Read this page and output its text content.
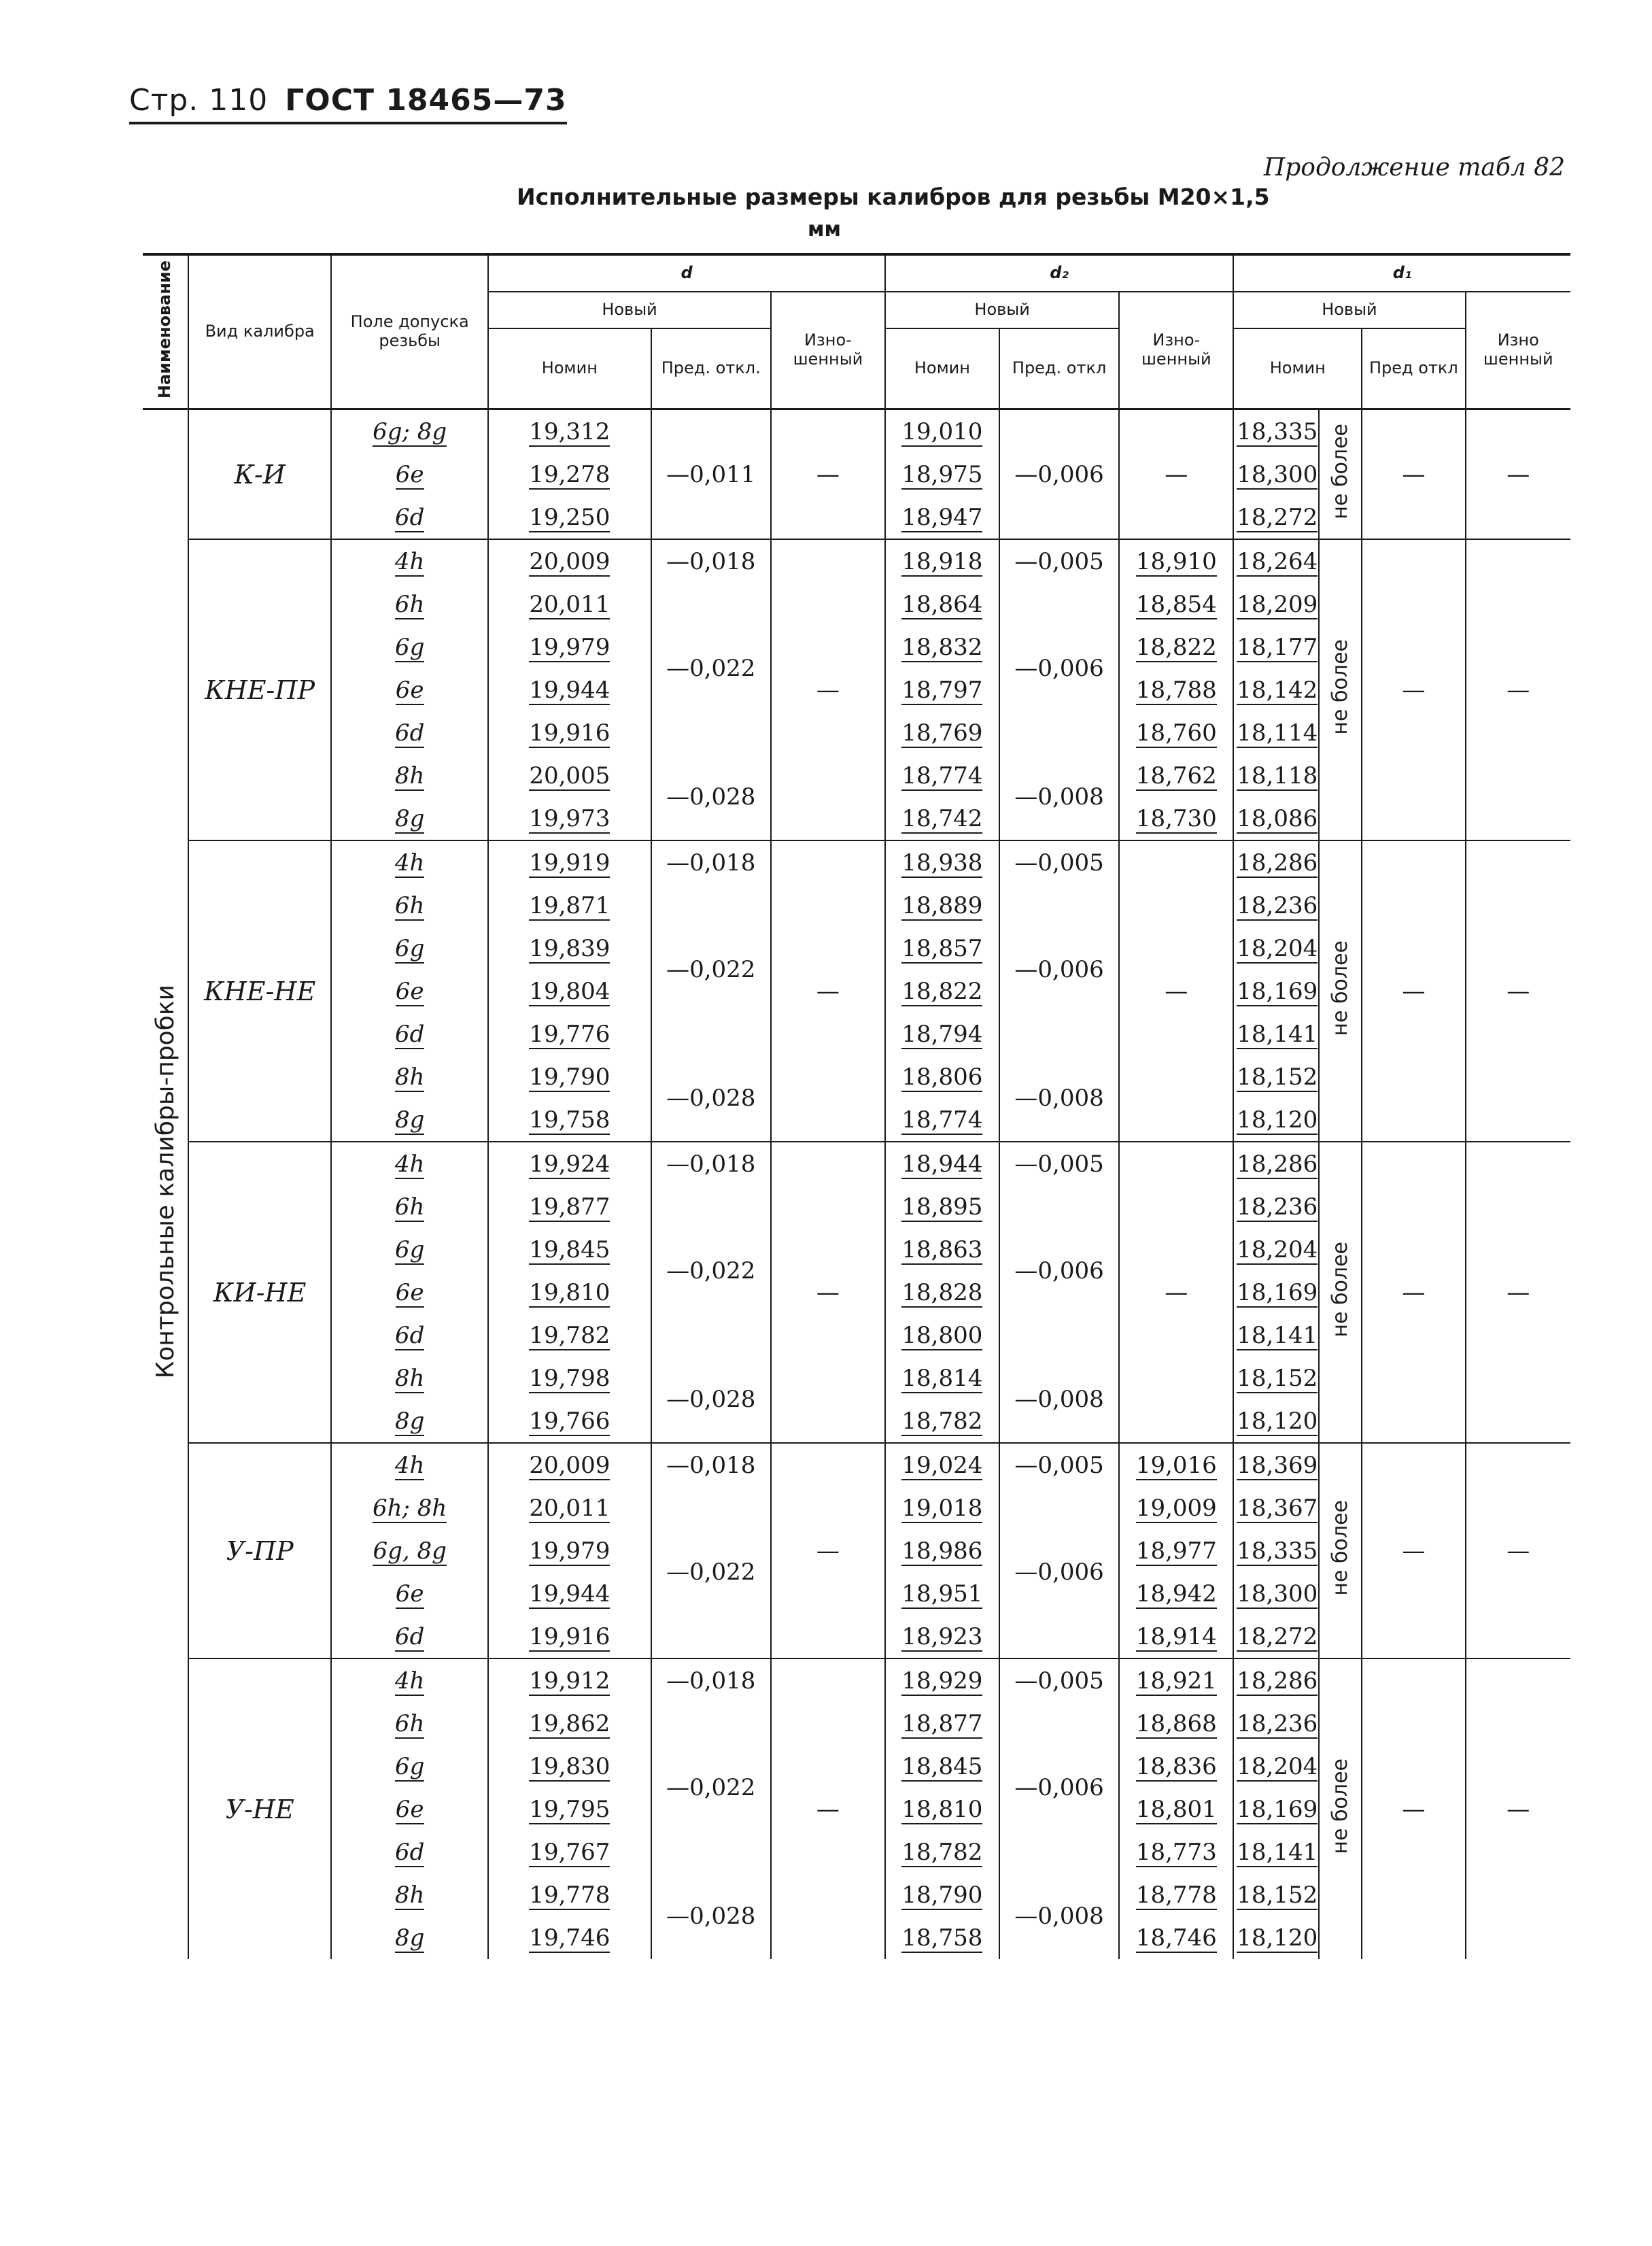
Стр. 110 ГОСТ 18465—73
Продолжение табл 82
Исполнительные размеры калибров для резьбы M20×1,5
мм
Наименование	Вид калибра	Поле допуска резьбы	d			d₂			d₁			
			Новый		Изно-шенный	Новый		Изно-шенный	Новый			Изно шенный
			Номин	Пред. откл.		Номин	Пред. откл		Номин		Пред откл	
Контрольные калибры-пробки	К-И	6g; 8g	19,312	—0,011	—	19,010	—0,006	—	18,335	не более	—	—
		6e	19,278			18,975			18,300			
		6d	19,250			18,947			18,272			
	КНЕ-ПР	4h	20,009	—0,018	—	18,918	—0,005	18,910	18,264	не более	—	—
		6h	20,011	—0,022		18,864	—0,006	18,854	18,209			
		6g	19,979			18,832		18,822	18,177			
		6e	19,944			18,797		18,788	18,142			
		6d	19,916			18,769		18,760	18,114			
		8h	20,005	—0,028		18,774	—0,008	18,762	18,118			
		8g	19,973			18,742		18,730	18,086			
	КНЕ-НЕ	4h	19,919	—0,018	—	18,938	—0,005	—	18,286	не более	—	—
		6h	19,871	—0,022		18,889	—0,006		18,236			
		6g	19,839			18,857			18,204			
		6e	19,804			18,822			18,169			
		6d	19,776			18,794			18,141			
		8h	19,790	—0,028		18,806	—0,008		18,152			
		8g	19,758			18,774			18,120			
	КИ-НЕ	4h	19,924	—0,018	—	18,944	—0,005	—	18,286	не более	—	—
		6h	19,877	—0,022		18,895	—0,006		18,236			
		6g	19,845			18,863			18,204			
		6e	19,810			18,828			18,169			
		6d	19,782			18,800			18,141			
		8h	19,798	—0,028		18,814	—0,008		18,152			
		8g	19,766			18,782			18,120			
	У-ПР	4h	20,009	—0,018	—	19,024	—0,005	19,016	18,369	не более	—	—
		6h; 8h	20,011	—0,022		19,018	—0,006	19,009	18,367			
		6g, 8g	19,979			18,986		18,977	18,335			
		6e	19,944			18,951		18,942	18,300			
		6d	19,916			18,923		18,914	18,272			
	У-НЕ	4h	19,912	—0,018	—	18,929	—0,005	18,921	18,286	не более	—	—
		6h	19,862	—0,022		18,877	—0,006	18,868	18,236			
		6g	19,830			18,845		18,836	18,204			
		6e	19,795			18,810		18,801	18,169			
		6d	19,767			18,782		18,773	18,141			
		8h	19,778	—0,028		18,790	—0,008	18,778	18,152			
		8g	19,746			18,758		18,746	18,120			
